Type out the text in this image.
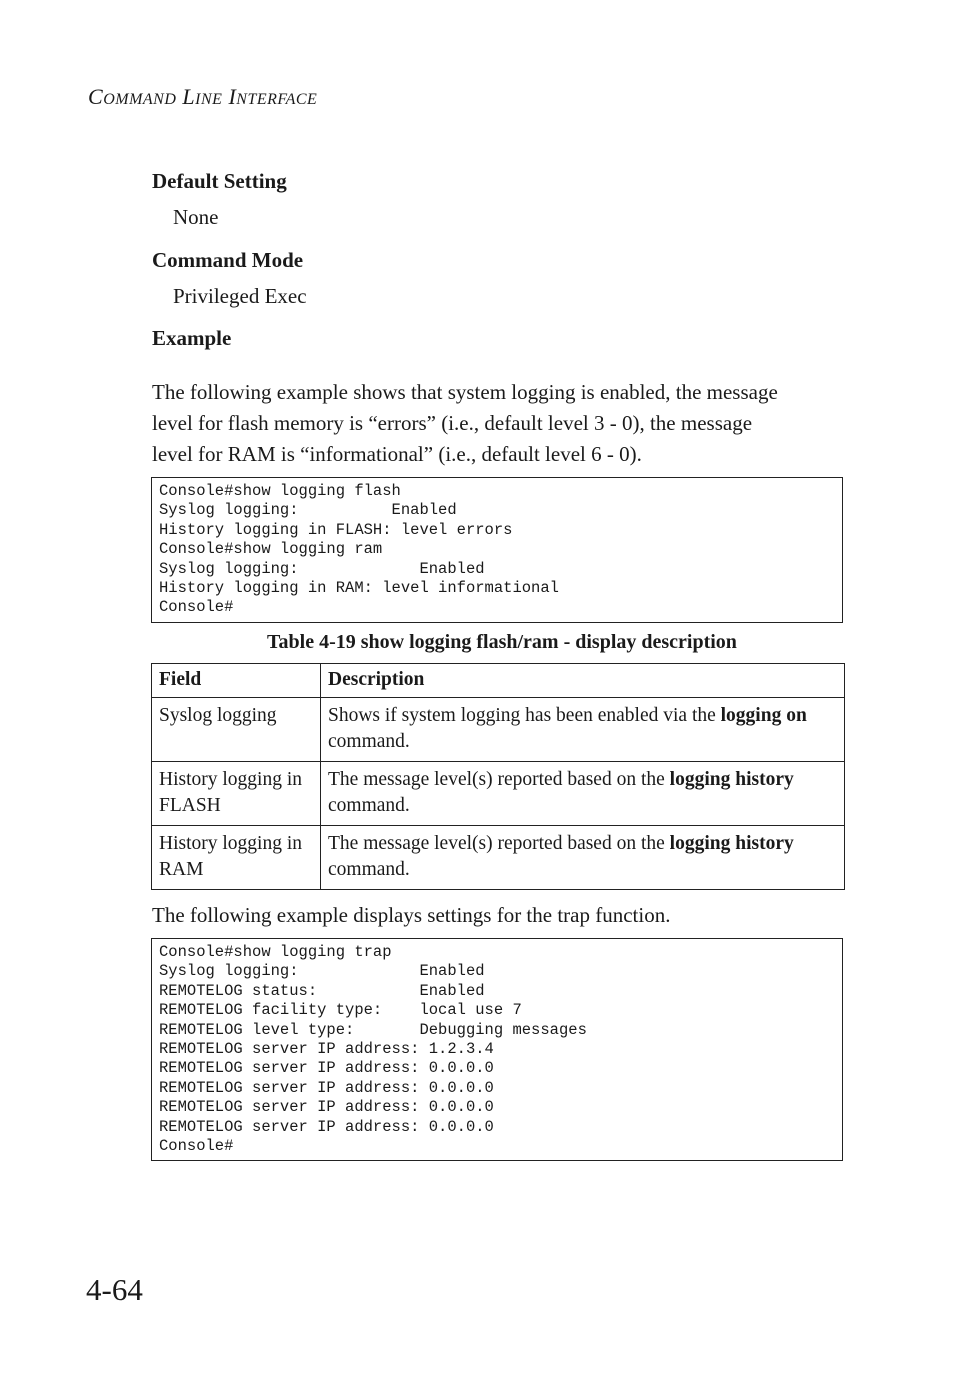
COMMAND LINE INTERFACE
Default Setting
None
Command Mode
Privileged Exec
Example
The following example shows that system logging is enabled, the message
level for flash memory is “errors” (i.e., default level 3 - 0), the message
level for RAM is “informational” (i.e., default level 6 - 0).
Console#show logging flash
Syslog logging:          Enabled
History logging in FLASH: level errors
Console#show logging ram
Syslog logging:             Enabled
History logging in RAM: level informational
Console#
Table 4-19 show logging flash/ram - display description
Field	Description
Syslog logging	Shows if system logging has been enabled via the logging on command.
History logging in FLASH	The message level(s) reported based on the logging history command.
History logging in RAM	The message level(s) reported based on the logging history command.
The following example displays settings for the trap function.
Console#show logging trap
Syslog logging:             Enabled
REMOTELOG status:           Enabled
REMOTELOG facility type:    local use 7
REMOTELOG level type:       Debugging messages
REMOTELOG server IP address: 1.2.3.4
REMOTELOG server IP address: 0.0.0.0
REMOTELOG server IP address: 0.0.0.0
REMOTELOG server IP address: 0.0.0.0
REMOTELOG server IP address: 0.0.0.0
Console#
4-64
